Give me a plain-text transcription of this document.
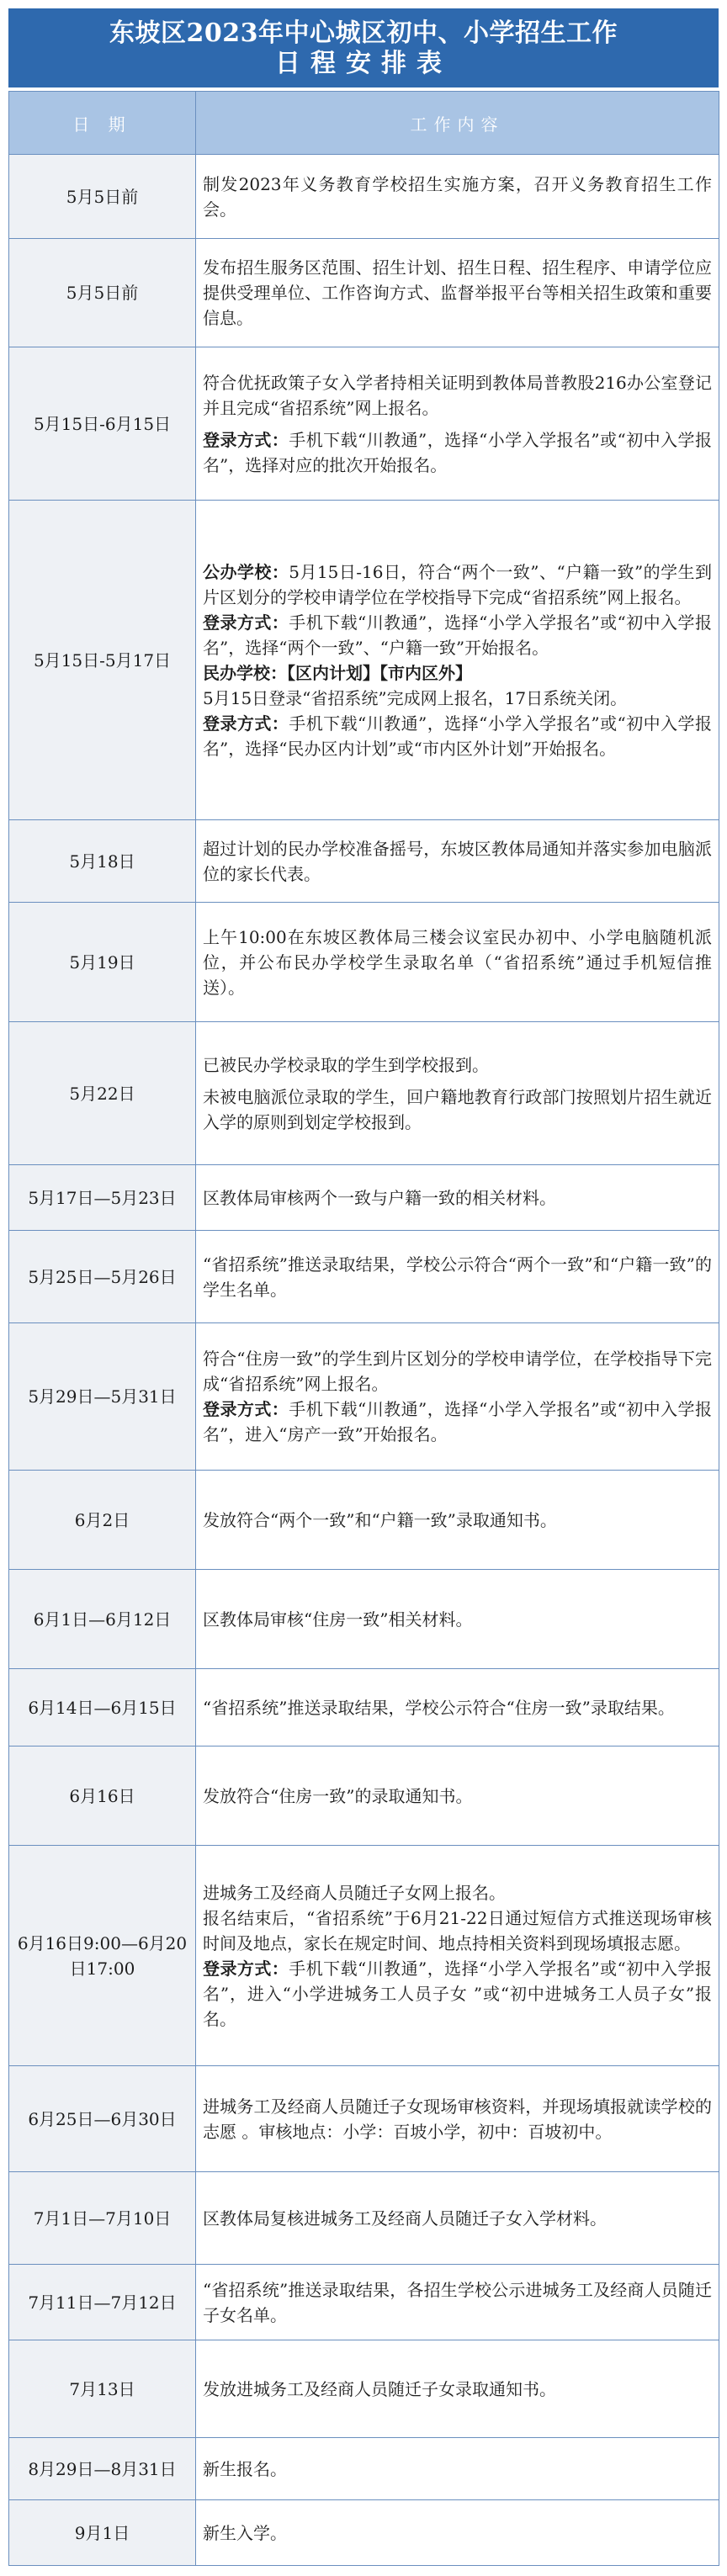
东坡区2023年中心城区初中、小学招生工作
日程安排表
日 期	工作内容
5月5日前	制发2023年义务教育学校招生实施方案，召开义务教育招生工作会。
5月5日前	发布招生服务区范围、招生计划、招生日程、招生程序、申请学位应提供受理单位、工作咨询方式、监督举报平台等相关招生政策和重要信息。
5月15日-6月15日	符合优抚政策子女入学者持相关证明到教体局普教股216办公室登记并且完成“省招系统”网上报名。

登录方式：手机下载“川教通”，选择“小学入学报名”或“初中入学报名”，选择对应的批次开始报名。

5月15日-5月17日	公办学校：5月15日-16日，符合“两个一致”、“户籍一致”的学生到片区划分的学校申请学位在学校指导下完成“省招系统”网上报名。
登录方式：手机下载“川教通”，选择“小学入学报名”或“初中入学报名”，选择“两个一致”、“户籍一致”开始报名。
民办学校：【区内计划】【市内区外】
5月15日登录“省招系统”完成网上报名，17日系统关闭。
登录方式：手机下载“川教通”，选择“小学入学报名”或“初中入学报名”，选择“民办区内计划”或“市内区外计划”开始报名。

5月18日	超过计划的民办学校准备摇号，东坡区教体局通知并落实参加电脑派位的家长代表。
5月19日	上午10:00在东坡区教体局三楼会议室民办初中、小学电脑随机派位，并公布民办学校学生录取名单（“省招系统”通过手机短信推送）。
5月22日	已被民办学校录取的学生到学校报到。

未被电脑派位录取的学生，回户籍地教育行政部门按照划片招生就近入学的原则到划定学校报到。

5月17日—5月23日	区教体局审核两个一致与户籍一致的相关材料。
5月25日—5月26日	“省招系统”推送录取结果，学校公示符合“两个一致”和“户籍一致”的学生名单。
5月29日—5月31日	符合“住房一致”的学生到片区划分的学校申请学位，在学校指导下完成“省招系统”网上报名。
登录方式：手机下载“川教通”，选择“小学入学报名”或“初中入学报名”，进入“房产一致”开始报名。

6月2日	发放符合“两个一致”和“户籍一致”录取通知书。
6月1日—6月12日	区教体局审核“住房一致”相关材料。
6月14日—6月15日	“省招系统”推送录取结果，学校公示符合“住房一致”录取结果。
6月16日	发放符合“住房一致”的录取通知书。
6月16日9:00—6月20日17:00	进城务工及经商人员随迁子女网上报名。
报名结束后，“省招系统”于6月21-22日通过短信方式推送现场审核时间及地点，家长在规定时间、地点持相关资料到现场填报志愿。
登录方式：手机下载“川教通”，选择“小学入学报名”或“初中入学报名”，进入“小学进城务工人员子女 ”或“初中进城务工人员子女”报名。

6月25日—6月30日	进城务工及经商人员随迁子女现场审核资料，并现场填报就读学校的志愿 。审核地点：小学：百坡小学，初中：百坡初中。
7月1日—7月10日	区教体局复核进城务工及经商人员随迁子女入学材料。
7月11日—7月12日	“省招系统”推送录取结果，各招生学校公示进城务工及经商人员随迁子女名单。
7月13日	发放进城务工及经商人员随迁子女录取通知书。
8月29日—8月31日	新生报名。
9月1日	新生入学。
